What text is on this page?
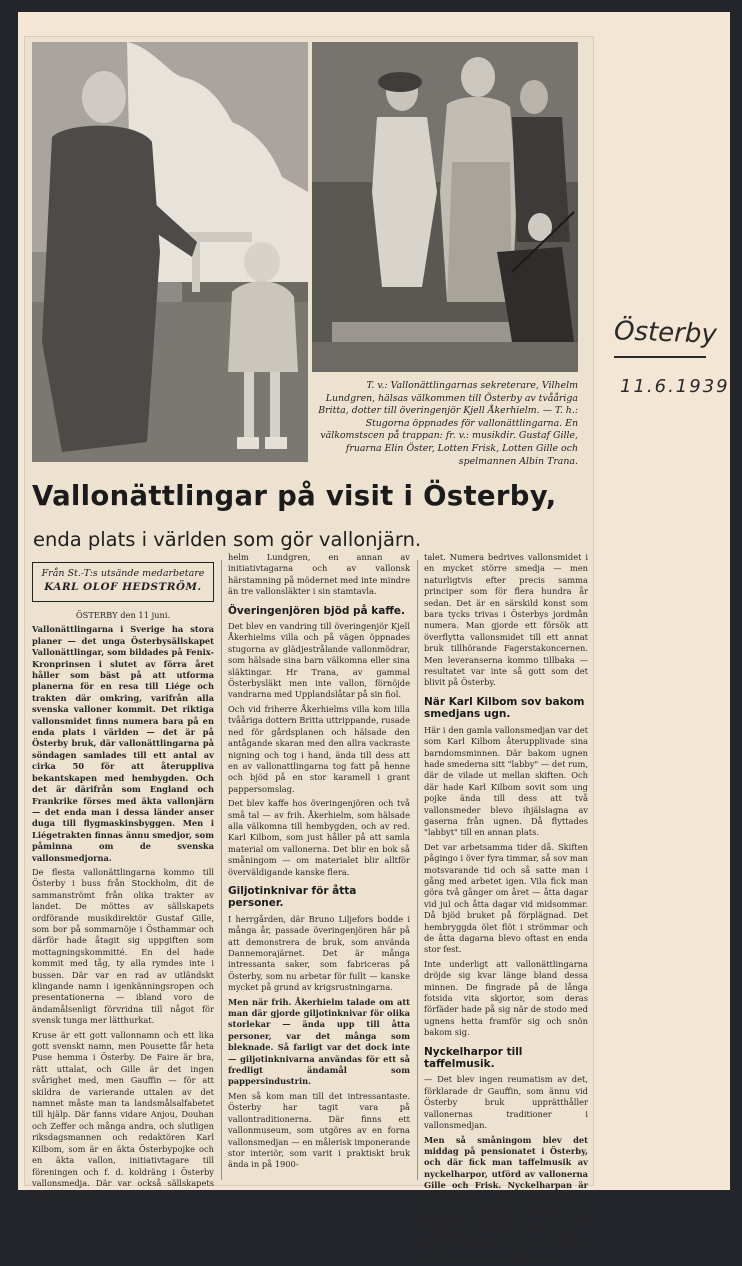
T. v.: Vallonättlingarnas sekreterare, Vilhelm Lundgren, hälsas välkommen till Österby av tvååriga Britta, dotter till överingenjör Kjell Åkerhielm. — T. h.: Stugorna öppnades för vallonättlingarna. En välkomstscen på trappan: fr. v.: musikdir. Gustaf Gille, fruarna Elin Öster, Lotten Frisk, Lotten Gille och spelmannen Albin Trana.
Vallonättlingar på visit i Österby,
enda plats i världen som gör vallonjärn.
Från St.-T:s utsände medarbetare
KARL OLOF HEDSTRÖM.

ÖSTERBY den 11 juni.

Vallonättlingarna i Sverige ha stora planer — det unga Österbysällskapet Vallonättlingar, som bildades på Fenix-Kronprinsen i slutet av förra året håller som bäst på att utforma planerna för en resa till Liége och trakten där omkring, varifrån alla svenska valloner kommit. Det riktiga vallonsmidet finns numera bara på en enda plats i världen — det är på Österby bruk, där vallonättlingarna på söndagen samlades till ett antal av cirka 50 för att återuppliva bekantskapen med hembygden. Och det är därifrån som England och Frankrike förses med äkta vallonjärn — det enda man i dessa länder anser duga till flygmaskinsbyggen. Men i Liégetrakten finnas ännu smedjor, som påminna om de svenska vallonsmedjorna.

De flesta vallonättlingarna kommo till Österby i buss från Stockholm, dit de sammanströmt från olika trakter av landet. De möttes av sällskapets ordförande musikdirektör Gustaf Gille, som bor på sommarnöje i Östhammar och därför hade åtagit sig uppgiften som mottagningskommitté. En del hade kommit med tåg, ty alla rymdes inte i bussen. Där var en rad av utländskt klingande namn i igenkänningsropen och presentationerna — ibland voro de ändamålsenligt förvridna till något för svensk tunga mer lätthurkat.

Kruse är ett gott vallonnamn och ett lika gott svenskt namn, men Pousette får heta Puse hemma i Österby. De Faire är bra, rätt uttalat, och Gille är det ingen svårighet med, men Gauffin — för att skildra de varierande uttalen av det namnet måste man ta landsmålsalfabetet till hjälp. Där fanns vidare Anjou, Douhan och Zeffer och många andra, och slutligen riksdagsmannen och redaktören Karl Kilbom, som är en äkta Österbypojke och en äkta vallon, initiativtagare till föreningen och f. d. koldräng i Österby vallonsmedja. Där var också sällskapets sekreterare Vil-

helm Lundgren, en annan av initiativtagarna och av vallonsk härstamning på mödernet med inte mindre än tre vallonsläkter i sin stamtavla.

Överingenjören bjöd på kaffe.

Det blev en vandring till överingenjör Kjell Åkerhielms villa och på vägen öppnades stugorna av glädjestrålande vallonmödrar, som hälsade sina barn välkomna eller sina släktingar. Hr Trana, av gammal Österbysläkt men inte vallon, förnöjde vandrarna med Upplandslåtar på sin fiol.

Och vid friherre Åkerhielms villa kom lilla tvååriga dottern Britta uttrippande, rusade ned för gårdsplanen och hälsade den antågande skaran med den allra vackraste nigning och tog i hand, ända till dess att en av vallonattlingarna tog fatt på henne och bjöd på en stor karamell i grant pappersomslag.

Det blev kaffe hos överingenjören och två små tal — av frih. Åkerhielm, som hälsade alla välkomna till hembygden, och av red. Karl Kilbom, som just håller på att samla material om vallonerna. Det blir en bok så småningom — om materialet blir alltför överväldigande kanske flera.

Giljotinknivar för åtta personer.

I herrgården, där Bruno Liljefors bodde i många år, passade överingenjören här på att demonstrera de bruk, som använda Dannemorajärnet. Det är många intressanta saker, som fabriceras på Österby, som nu arbetar för fullt — kanske mycket på grund av krigsrustningarna.

Men när frih. Åkerhielm talade om att man där gjorde giljotinknivar för olika storlekar — ända upp till åtta personer, var det många som bleknade. Så farligt var det dock inte — giljotinknivarna användas för ett så fredligt ändamål som pappersindustrin.

Men så kom man till det intressantaste. Österby har tagit vara på vallontraditionerna. Där finns ett vallonmuseum, som utgöres av en forna vallonsmedjan — en målerisk imponerande stor interiör, som varit i praktiskt bruk ända in på 1900-

talet. Numera bedrives vallonsmidet i en mycket större smedja — men naturligtvis efter precis samma principer som för flera hundra år sedan. Det är en särskild konst som bara tycks trivas i Österbys jordmån numera. Man gjorde ett försök att överflytta vallonsmidet till ett annat bruk tillhörande Fagerstakoncernen. Men leveranserna kommo tillbaka — resultatet var inte så gott som det blivit på Österby.

När Karl Kilbom sov bakom smedjans ugn.

Här i den gamla vallonsmedjan var det som Karl Kilbom återupplivade sina barndomsminnen. Där bakom ugnen hade smederna sitt "labby" — det rum, där de vilade ut mellan skiften. Och där hade Karl Kilbom sovit som ung pojke ända till dess att två vallonsmeder blevo ihjälslagna av gaserna från ugnen. Då flyttades "labbyt" till en annan plats.

Det var arbetsamma tider då. Skiften pågingo i över fyra timmar, så sov man motsvarande tid och så satte man i gång med arbetet igen. Vila fick man göra två gånger om året — åtta dagar vid jul och åtta dagar vid midsommar. Då bjöd bruket på förplägnad. Det hembryggda ölet flöt i strömmar och de åtta dagarna blevo oftast en enda stor fest.

Inte underligt att vallonättlingarna dröjde sig kvar länge bland dessa minnen. De fingrade på de långa fotsida vita skjortor, som deras förfäder hade på sig när de stodo med ugnens hetta framför sig och snön bakom sig.

Nyckelharpor till taffelmusik.

— Det blev ingen reumatism av det, förklarade dr Gauffin, som ännu vid Österby bruk upprätthåller vallonernas traditioner i vallonsmedjan.

Men så småningom blev det middag på pensionatet i Österby, och där fick man taffelmusik av nyckelharpor, utförd av vallonerna Gille och Frisk. Nyckelharpan är det gamla vallon-instrumentet. Och musiken ligger i blodet. Det kan den tairikaste av alla vallonätter — Gilleätten — intyga.

Så gick slutligen dagen och kl. 6 startade bussen mot Stockholm.

Österby
11.6.1939.
